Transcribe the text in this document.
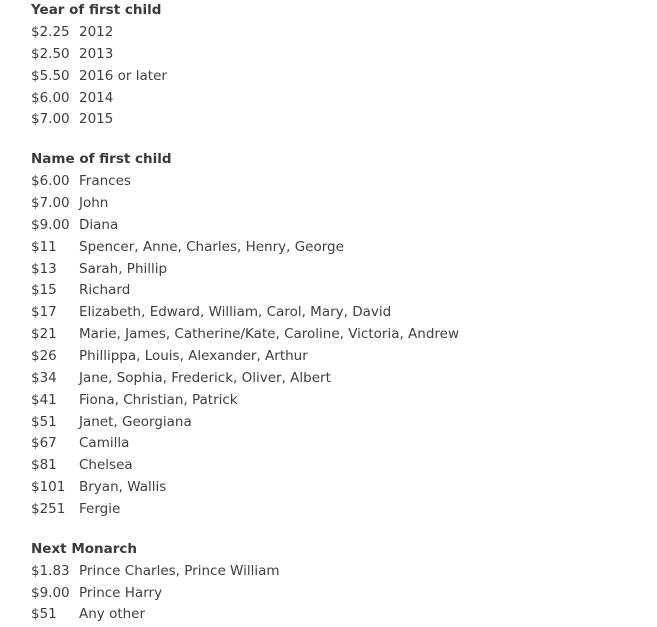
Year of first child
$2.25 2012
$2.50 2013
$5.50 2016 or later
$6.00 2014
$7.00 2015
Name of first child
$6.00 Frances
$7.00 John
$9.00 Diana
$11 Spencer, Anne, Charles, Henry, George
$13 Sarah, Phillip
$15 Richard
$17 Elizabeth, Edward, William, Carol, Mary, David
$21 Marie, James, Catherine/Kate, Caroline, Victoria, Andrew
$26 Phillippa, Louis, Alexander, Arthur
$34 Jane, Sophia, Frederick, Oliver, Albert
$41 Fiona, Christian, Patrick
$51 Janet, Georgiana
$67 Camilla
$81 Chelsea
$101 Bryan, Wallis
$251 Fergie
Next Monarch
$1.83 Prince Charles, Prince William
$9.00 Prince Harry
$51 Any other
